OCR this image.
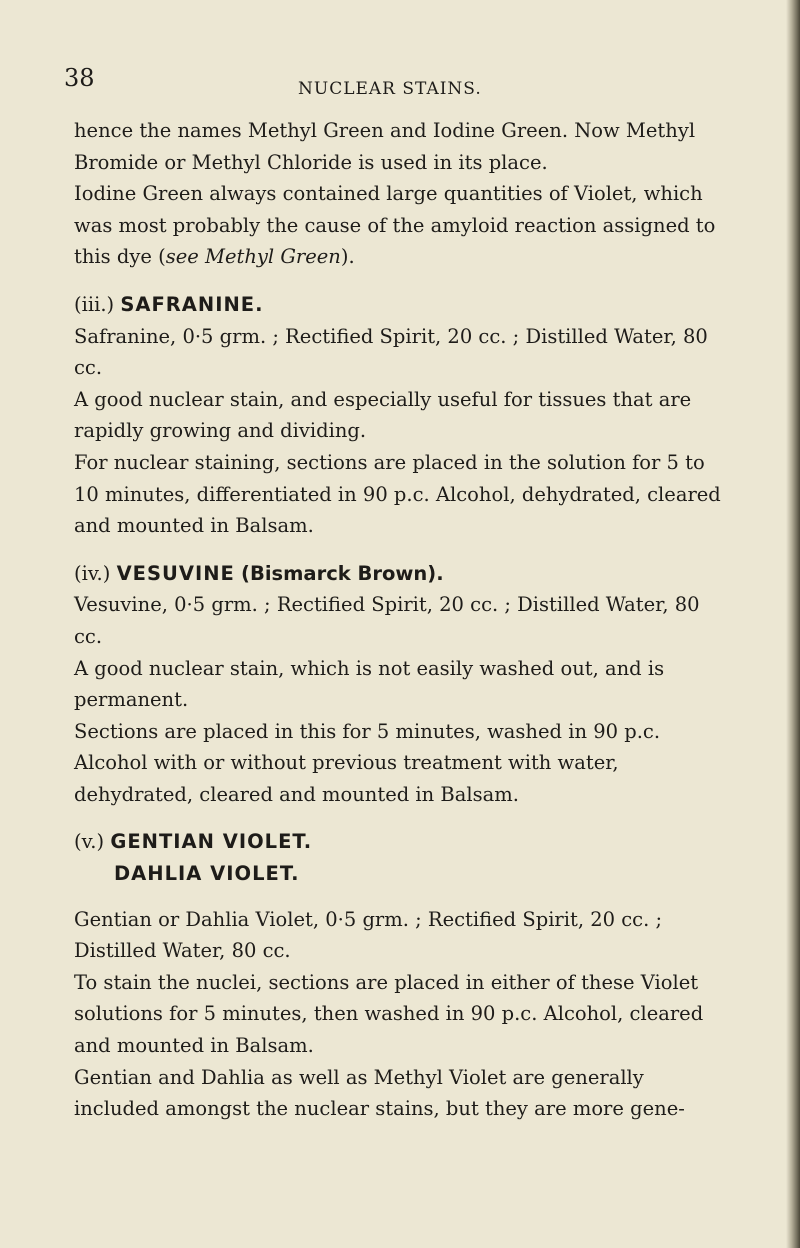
38	NUCLEAR STAINS.

hence the names Methyl Green and Iodine Green. Now Methyl Bromide or Methyl Chloride is used in its place.

Iodine Green always contained large quantities of Violet, which was most probably the cause of the amyloid reaction assigned to this dye (see Methyl Green).

(iii.) SAFRANINE.

Safranine, 0·5 grm. ; Rectified Spirit, 20 cc. ; Distilled Water, 80 cc.

A good nuclear stain, and especially useful for tissues that are rapidly growing and dividing.

For nuclear staining, sections are placed in the solution for 5 to 10 minutes, differentiated in 90 p.c. Alcohol, dehydrated, cleared and mounted in Balsam.

(iv.) VESUVINE (Bismarck Brown).

Vesuvine, 0·5 grm. ; Rectified Spirit, 20 cc. ; Distilled Water, 80 cc.

A good nuclear stain, which is not easily washed out, and is permanent.

Sections are placed in this for 5 minutes, washed in 90 p.c. Alcohol with or without previous treatment with water, dehydrated, cleared and mounted in Balsam.

(v.) GENTIAN VIOLET.

DAHLIA VIOLET.

Gentian or Dahlia Violet, 0·5 grm. ; Rectified Spirit, 20 cc. ; Distilled Water, 80 cc.

To stain the nuclei, sections are placed in either of these Violet solutions for 5 minutes, then washed in 90 p.c. Alcohol, cleared and mounted in Balsam.

Gentian and Dahlia as well as Methyl Violet are generally included amongst the nuclear stains, but they are more gene-
